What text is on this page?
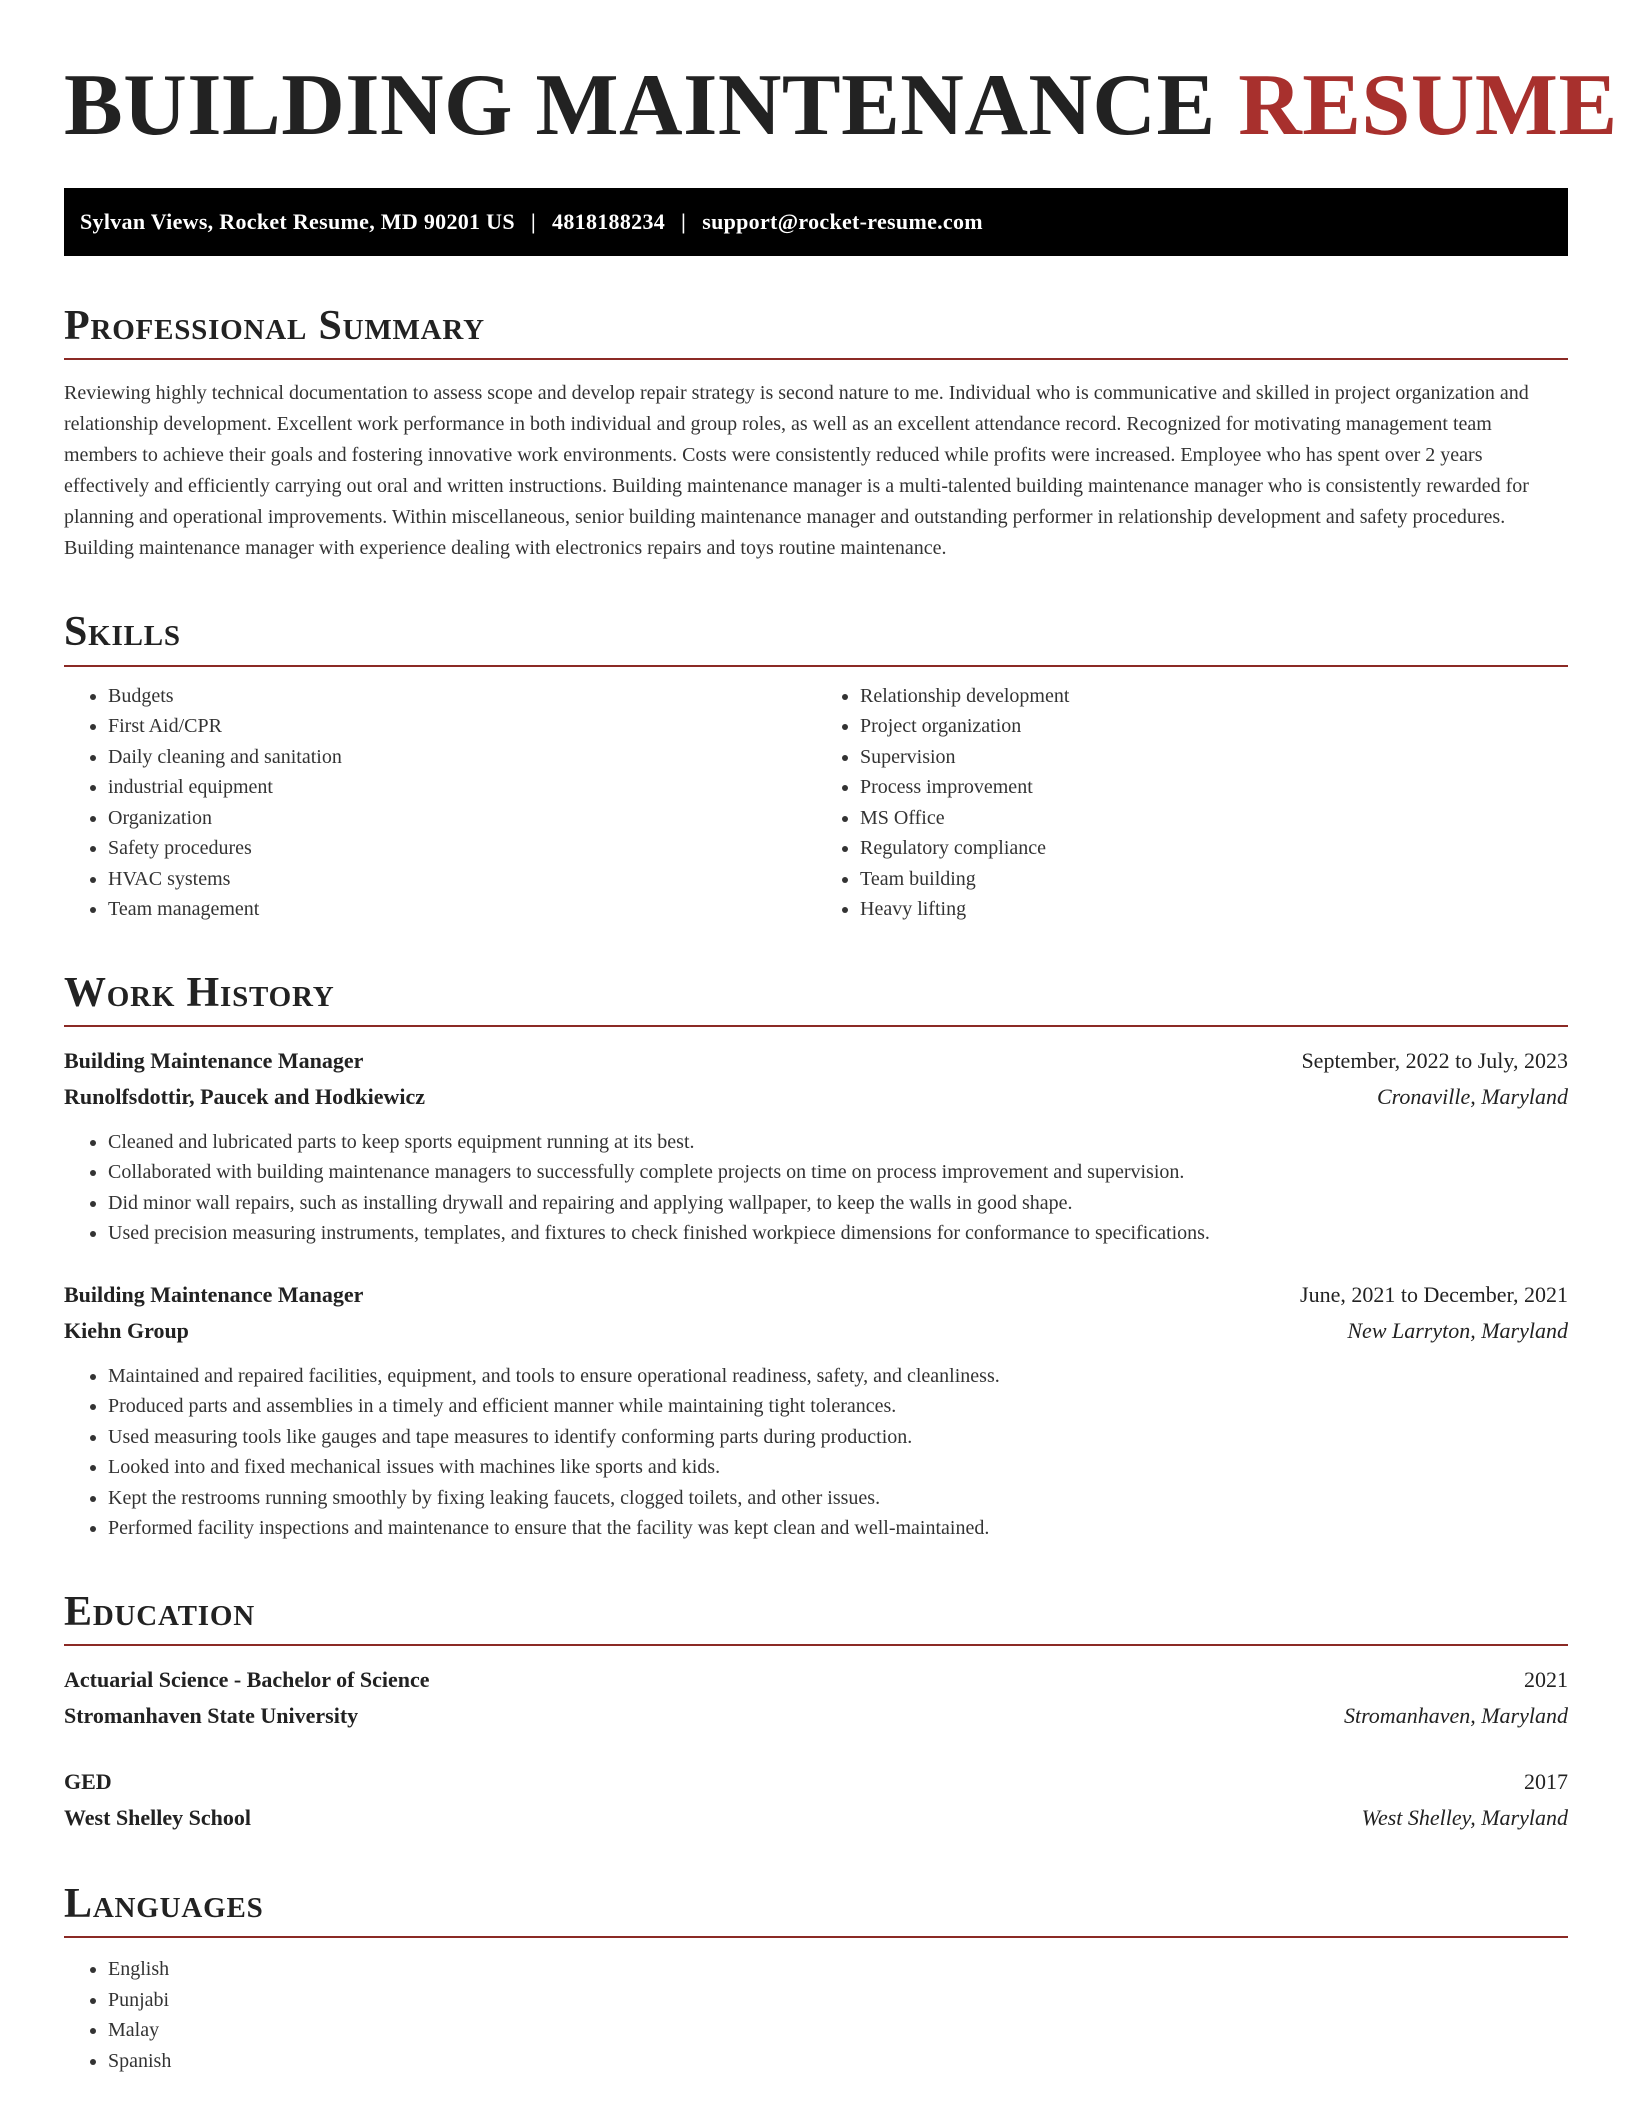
BUILDING MAINTENANCE RESUME
Sylvan Views, Rocket Resume, MD 90201 US | 4818188234 | support@rocket-resume.com
Professional Summary

Reviewing highly technical documentation to assess scope and develop repair strategy is second nature to me. Individual who is communicative and skilled in project organization and relationship development. Excellent work performance in both individual and group roles, as well as an excellent attendance record. Recognized for motivating management team members to achieve their goals and fostering innovative work environments. Costs were consistently reduced while profits were increased. Employee who has spent over 2 years effectively and efficiently carrying out oral and written instructions. Building maintenance manager is a multi-talented building maintenance manager who is consistently rewarded for planning and operational improvements. Within miscellaneous, senior building maintenance manager and outstanding performer in relationship development and safety procedures. Building maintenance manager with experience dealing with electronics repairs and toys routine maintenance.

Skills
• Budgets
• First Aid/CPR
• Daily cleaning and sanitation
• industrial equipment
• Organization
• Safety procedures
• HVAC systems
• Team management
• Relationship development
• Project organization
• Supervision
• Process improvement
• MS Office
• Regulatory compliance
• Team building
• Heavy lifting
Work History
Building Maintenance Manager	September, 2022 to July, 2023
Runolfsdottir, Paucek and Hodkiewicz	Cronaville, Maryland
• Cleaned and lubricated parts to keep sports equipment running at its best.
• Collaborated with building maintenance managers to successfully complete projects on time on process improvement and supervision.
• Did minor wall repairs, such as installing drywall and repairing and applying wallpaper, to keep the walls in good shape.
• Used precision measuring instruments, templates, and fixtures to check finished workpiece dimensions for conformance to specifications.
Building Maintenance Manager	June, 2021 to December, 2021
Kiehn Group	New Larryton, Maryland
• Maintained and repaired facilities, equipment, and tools to ensure operational readiness, safety, and cleanliness.
• Produced parts and assemblies in a timely and efficient manner while maintaining tight tolerances.
• Used measuring tools like gauges and tape measures to identify conforming parts during production.
• Looked into and fixed mechanical issues with machines like sports and kids.
• Kept the restrooms running smoothly by fixing leaking faucets, clogged toilets, and other issues.
• Performed facility inspections and maintenance to ensure that the facility was kept clean and well-maintained.
Education
Actuarial Science - Bachelor of Science	2021
Stromanhaven State University	Stromanhaven, Maryland
GED	2017
West Shelley School	West Shelley, Maryland
Languages
• English
• Punjabi
• Malay
• Spanish
